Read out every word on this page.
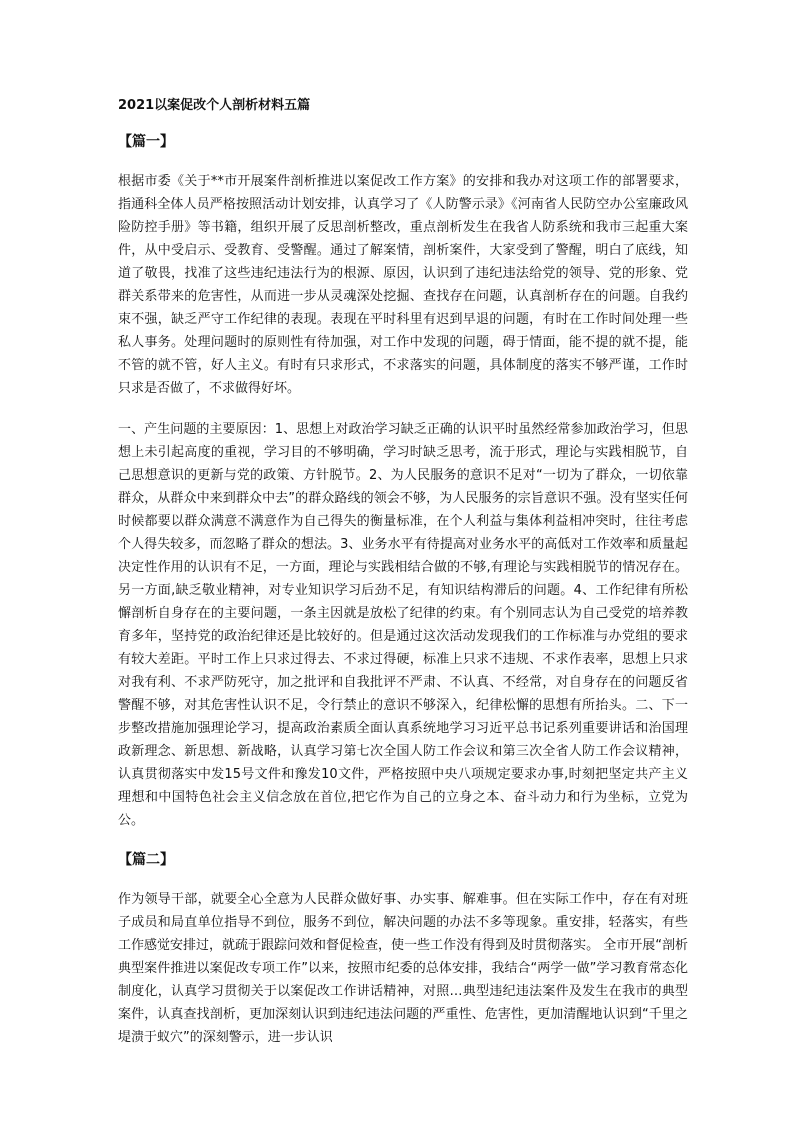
2021以案促改个人剖析材料五篇
【篇一】

根据市委《关于**市开展案件剖析推进以案促改工作方案》的安排和我办对这项工作的部署要求，指通科全体人员严格按照活动计划安排，认真学习了《人防警示录》《河南省人民防空办公室廉政风险防控手册》等书籍，组织开展了反思剖析整改，重点剖析发生在我省人防系统和我市三起重大案件，从中受启示、受教育、受警醒。通过了解案情，剖析案件，大家受到了警醒，明白了底线，知道了敬畏，找准了这些违纪违法行为的根源、原因，认识到了违纪违法给党的领导、党的形象、党群关系带来的危害性，从而进一步从灵魂深处挖掘、查找存在问题，认真剖析存在的问题。自我约束不强，缺乏严守工作纪律的表现。表现在平时科里有迟到早退的问题，有时在工作时间处理一些私人事务。处理问题时的原则性有待加强，对工作中发现的问题，碍于情面，能不提的就不提，能不管的就不管，好人主义。有时有只求形式，不求落实的问题，具体制度的落实不够严谨，工作时只求是否做了，不求做得好坏。

一、产生问题的主要原因：1、思想上对政治学习缺乏正确的认识平时虽然经常参加政治学习，但思想上未引起高度的重视，学习目的不够明确，学习时缺乏思考，流于形式，理论与实践相脱节，自己思想意识的更新与党的政策、方针脱节。2、为人民服务的意识不足对“一切为了群众，一切依靠群众，从群众中来到群众中去”的群众路线的领会不够，为人民服务的宗旨意识不强。没有坚实任何时候都要以群众满意不满意作为自己得失的衡量标准，在个人利益与集体利益相冲突时，往往考虑个人得失较多，而忽略了群众的想法。3、业务水平有待提高对业务水平的高低对工作效率和质量起决定性作用的认识有不足，一方面，理论与实践相结合做的不够,有理论与实践相脱节的情况存在。另一方面,缺乏敬业精神，对专业知识学习后劲不足，有知识结构滞后的问题。4、工作纪律有所松懈剖析自身存在的主要问题，一条主因就是放松了纪律的约束。有个别同志认为自己受党的培养教育多年，坚持党的政治纪律还是比较好的。但是通过这次活动发现我们的工作标准与办党组的要求有较大差距。平时工作上只求过得去、不求过得硬，标准上只求不违规、不求作表率，思想上只求对我有利、不求严防死守，加之批评和自我批评不严肃、不认真、不经常，对自身存在的问题反省警醒不够，对其危害性认识不足，令行禁止的意识不够深入，纪律松懈的思想有所抬头。二、下一步整改措施加强理论学习，提高政治素质全面认真系统地学习习近平总书记系列重要讲话和治国理政新理念、新思想、新战略，认真学习第七次全国人防工作会议和第三次全省人防工作会议精神，认真贯彻落实中发15号文件和豫发10文件，严格按照中央八项规定要求办事,时刻把坚定共产主义理想和中国特色社会主义信念放在首位,把它作为自己的立身之本、奋斗动力和行为坐标，立党为公。

【篇二】

作为领导干部，就要全心全意为人民群众做好事、办实事、解难事。但在实际工作中，存在有对班子成员和局直单位指导不到位，服务不到位，解决问题的办法不多等现象。重安排，轻落实，有些工作感觉安排过，就疏于跟踪问效和督促检查，使一些工作没有得到及时贯彻落实。 全市开展“剖析典型案件推进以案促改专项工作”以来，按照市纪委的总体安排，我结合“两学一做”学习教育常态化制度化，认真学习贯彻关于以案促改工作讲话精神，对照…典型违纪违法案件及发生在我市的典型案件，认真查找剖析，更加深刻认识到违纪违法问题的严重性、危害性，更加清醒地认识到“千里之堤溃于蚁穴”的深刻警示，进一步认识
